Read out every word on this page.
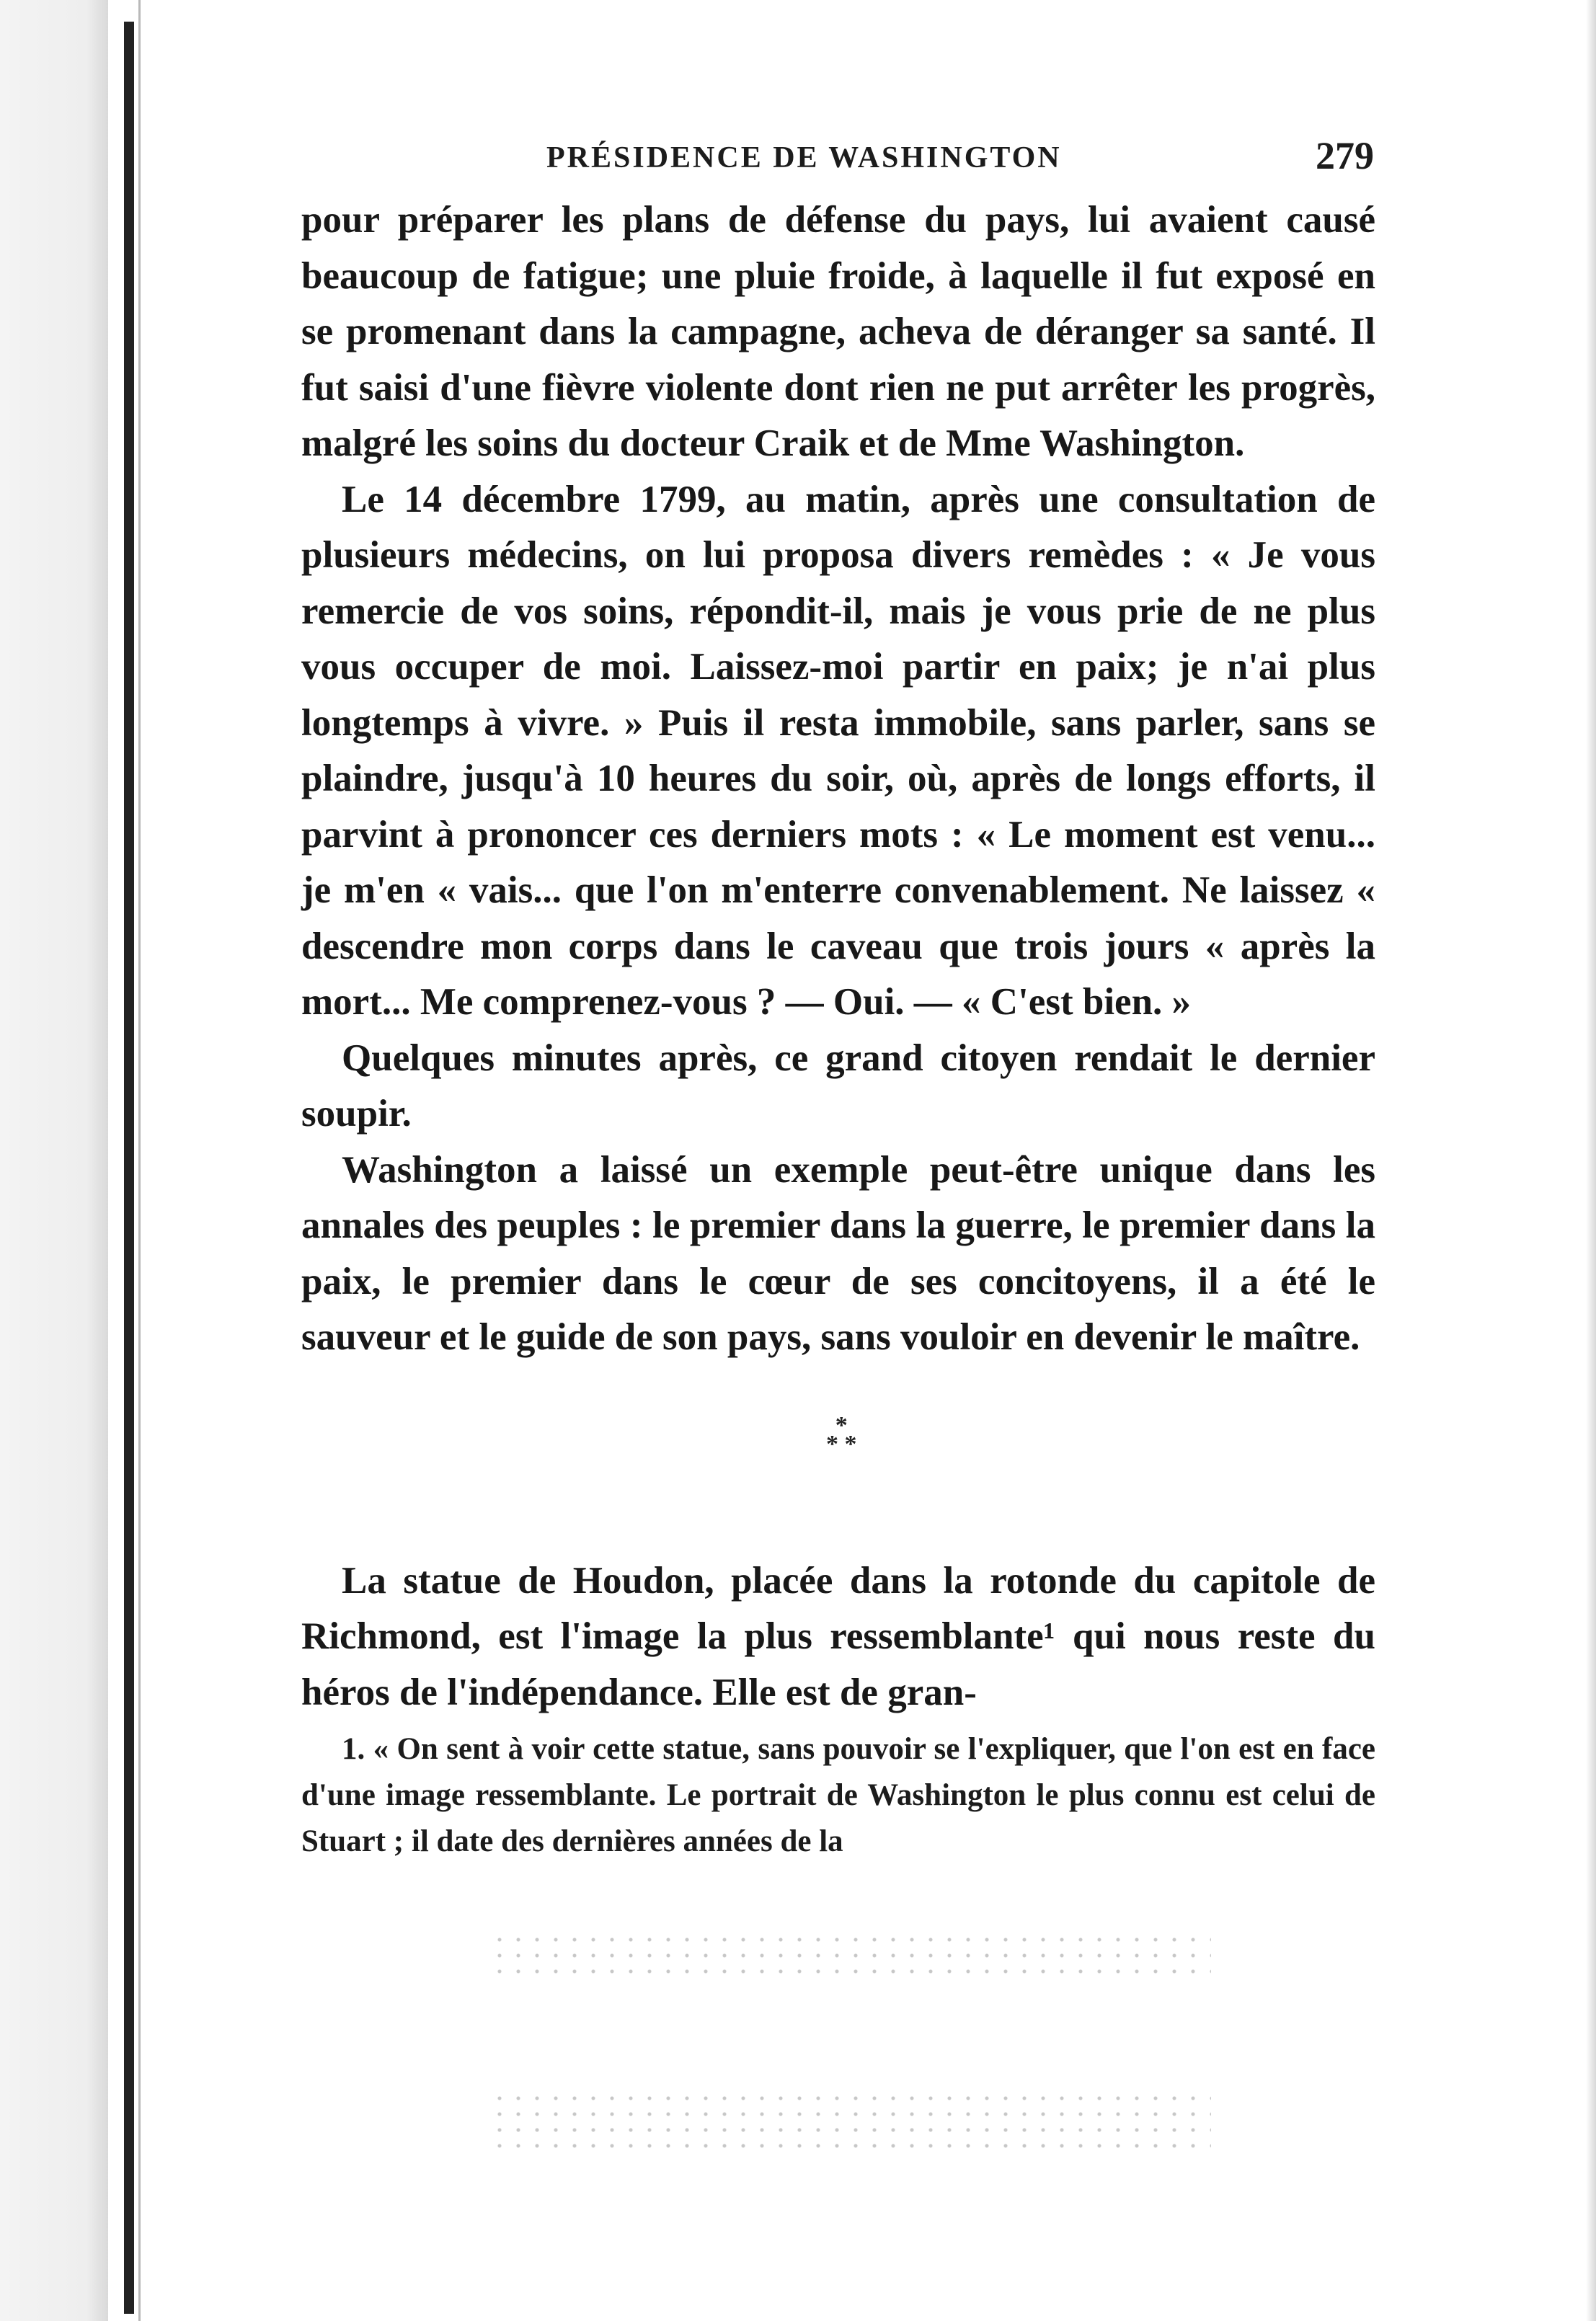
PRÉSIDENCE DE WASHINGTON	279

pour préparer les plans de défense du pays, lui avaient causé beaucoup de fatigue; une pluie froide, à laquelle il fut exposé en se promenant dans la campagne, acheva de déranger sa santé. Il fut saisi d'une fièvre violente dont rien ne put arrêter les progrès, malgré les soins du docteur Craik et de Mme Washington.

Le 14 décembre 1799, au matin, après une consultation de plusieurs médecins, on lui proposa divers remèdes : « Je vous remercie de vos soins, répondit-il, mais je vous prie de ne plus vous occuper de moi. Laissez-moi partir en paix; je n'ai plus longtemps à vivre. » Puis il resta immobile, sans parler, sans se plaindre, jusqu'à 10 heures du soir, où, après de longs efforts, il parvint à prononcer ces derniers mots : « Le moment est venu... je m'en « vais... que l'on m'enterre convenablement. Ne laissez « descendre mon corps dans le caveau que trois jours « après la mort... Me comprenez-vous ? — Oui. — « C'est bien. »

Quelques minutes après, ce grand citoyen rendait le dernier soupir.

Washington a laissé un exemple peut-être unique dans les annales des peuples : le premier dans la guerre, le premier dans la paix, le premier dans le cœur de ses concitoyens, il a été le sauveur et le guide de son pays, sans vouloir en devenir le maître.

*
* *

La statue de Houdon, placée dans la rotonde du capitole de Richmond, est l'image la plus ressemblante¹ qui nous reste du héros de l'indépendance. Elle est de gran-

1. « On sent à voir cette statue, sans pouvoir se l'expliquer, que l'on est en face d'une image ressemblante. Le portrait de Washington le plus connu est celui de Stuart ; il date des dernières années de la
